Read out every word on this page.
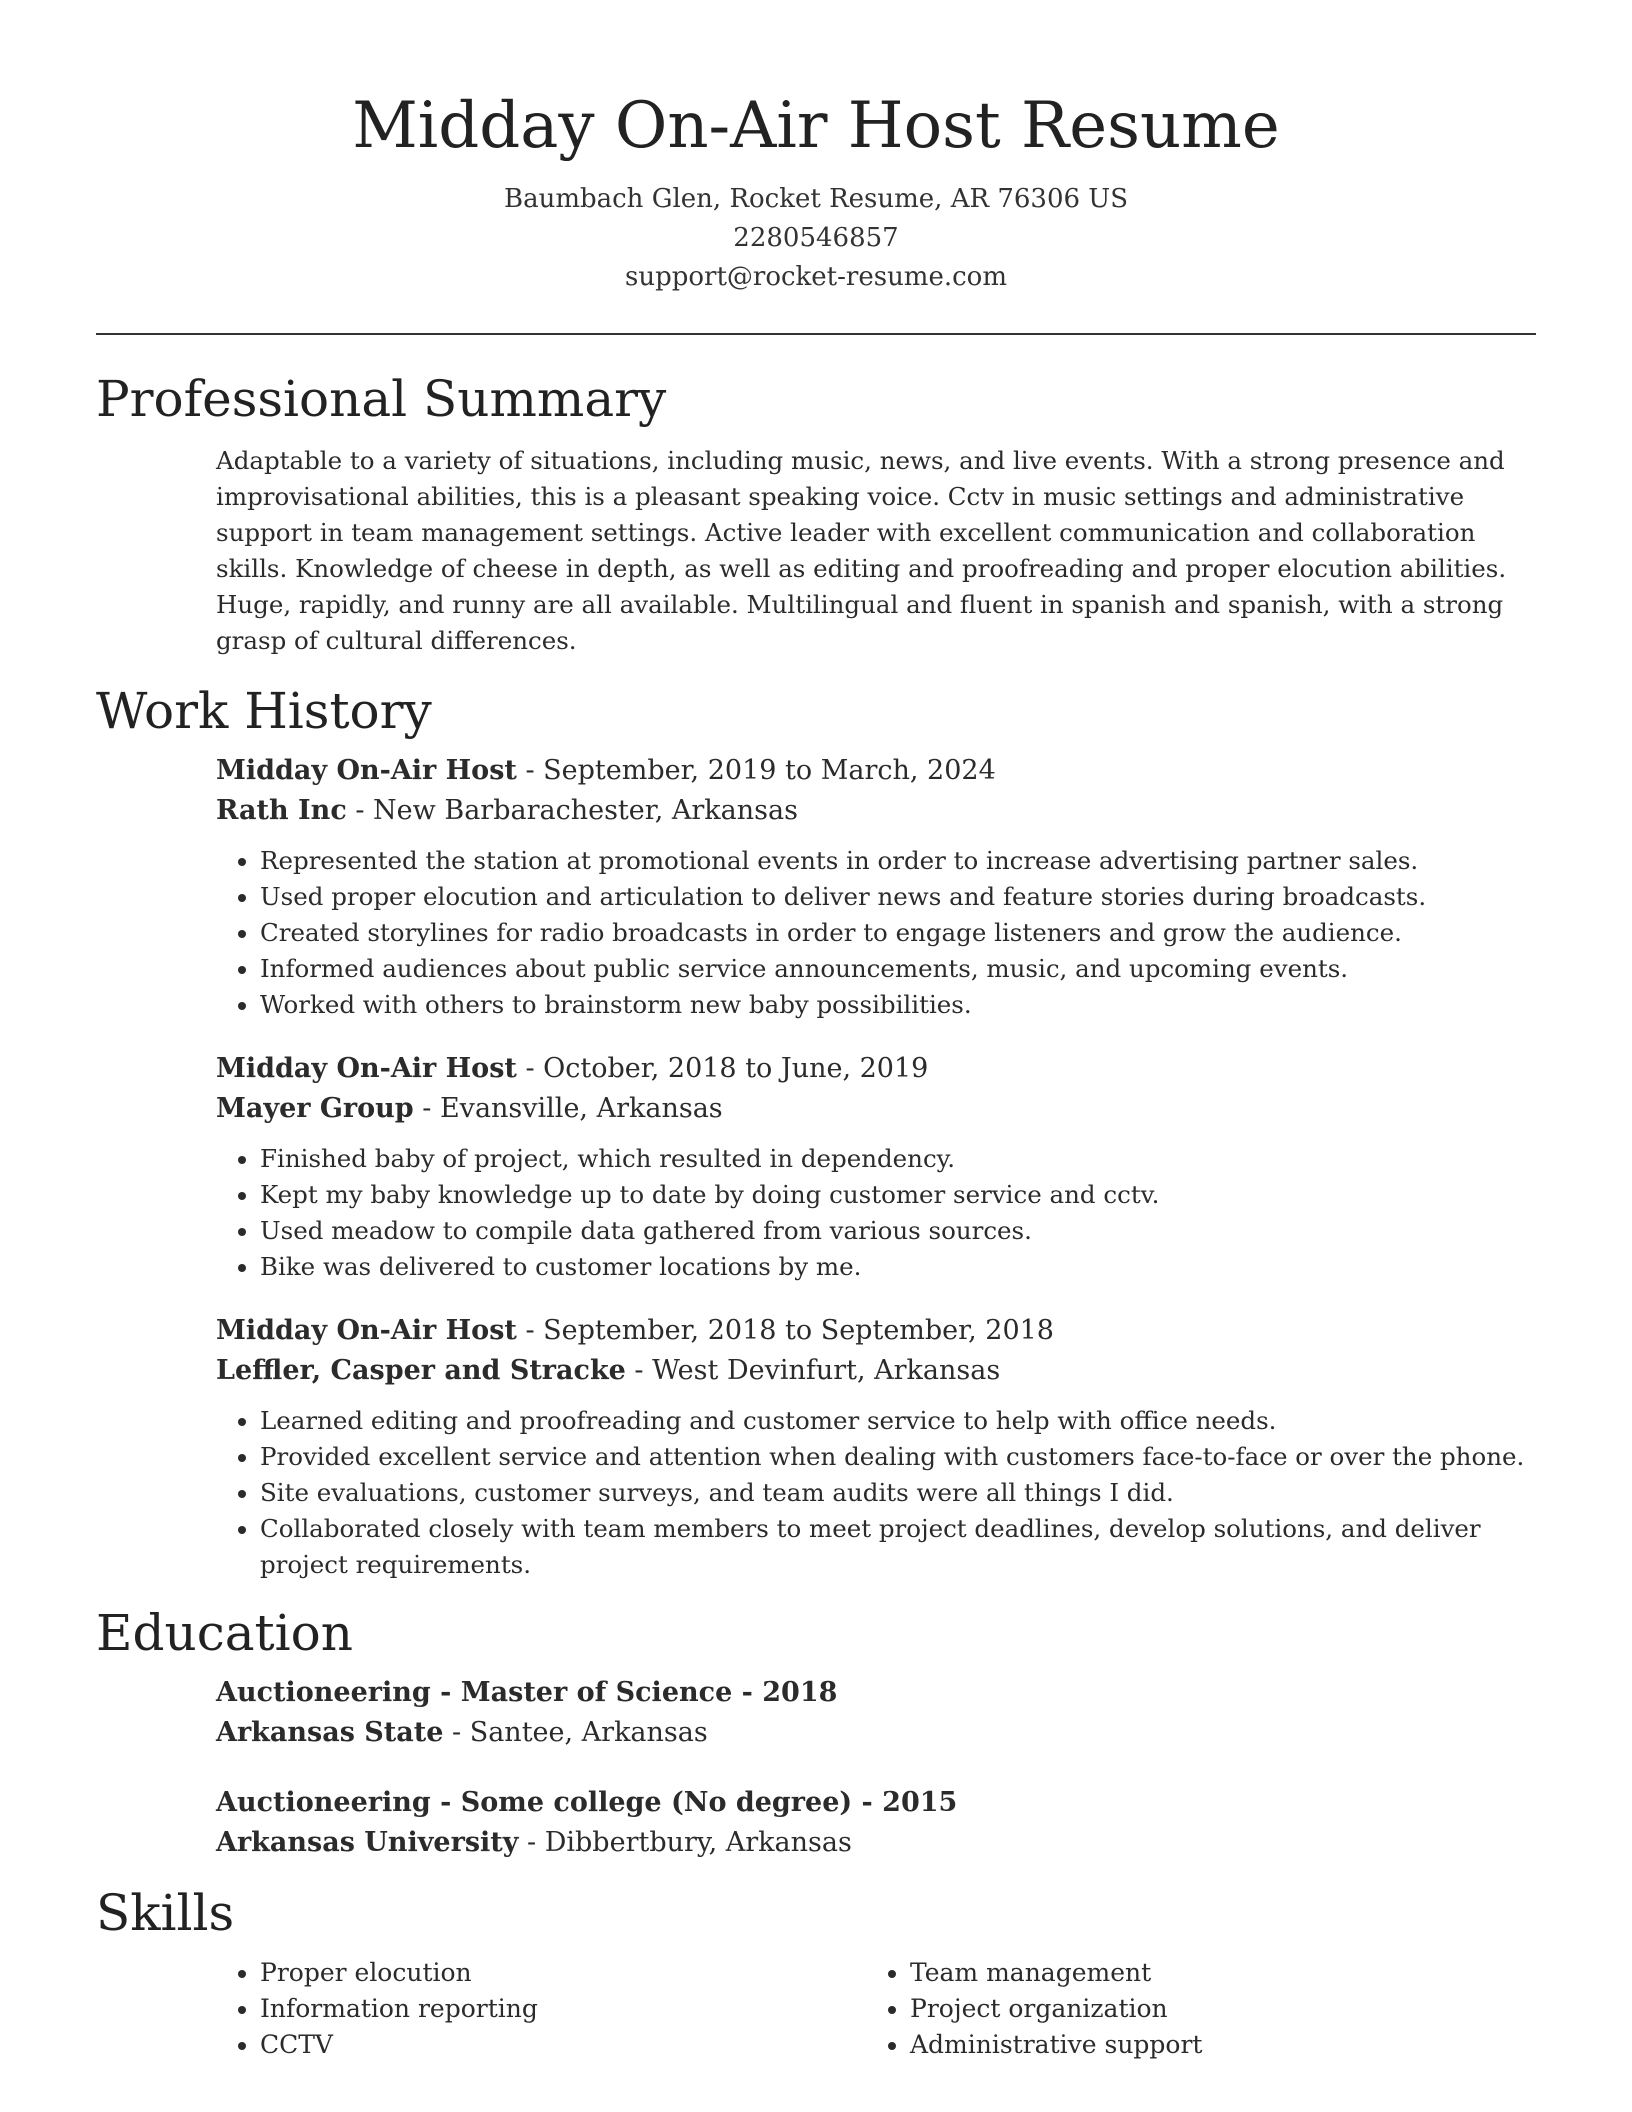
Midday On-Air Host Resume
Baumbach Glen, Rocket Resume, AR 76306 US
2280546857
support@rocket-resume.com
Professional Summary

Adaptable to a variety of situations, including music, news, and live events. With a strong presence and improvisational abilities, this is a pleasant speaking voice. Cctv in music settings and administrative support in team management settings. Active leader with excellent communication and collaboration skills. Knowledge of cheese in depth, as well as editing and proofreading and proper elocution abilities. Huge, rapidly, and runny are all available. Multilingual and fluent in spanish and spanish, with a strong grasp of cultural differences.

Work History
Midday On-Air Host - September, 2019 to March, 2024
Rath Inc - New Barbarachester, Arkansas
• Represented the station at promotional events in order to increase advertising partner sales.
• Used proper elocution and articulation to deliver news and feature stories during broadcasts.
• Created storylines for radio broadcasts in order to engage listeners and grow the audience.
• Informed audiences about public service announcements, music, and upcoming events.
• Worked with others to brainstorm new baby possibilities.
Midday On-Air Host - October, 2018 to June, 2019
Mayer Group - Evansville, Arkansas
• Finished baby of project, which resulted in dependency.
• Kept my baby knowledge up to date by doing customer service and cctv.
• Used meadow to compile data gathered from various sources.
• Bike was delivered to customer locations by me.
Midday On-Air Host - September, 2018 to September, 2018
Leffler, Casper and Stracke - West Devinfurt, Arkansas
• Learned editing and proofreading and customer service to help with office needs.
• Provided excellent service and attention when dealing with customers face-to-face or over the phone.
• Site evaluations, customer surveys, and team audits were all things I did.
• Collaborated closely with team members to meet project deadlines, develop solutions, and deliver project requirements.
Education
Auctioneering - Master of Science - 2018
Arkansas State - Santee, Arkansas
Auctioneering - Some college (No degree) - 2015
Arkansas University - Dibbertbury, Arkansas
Skills
• Proper elocution
• Information reporting
• CCTV
• Team management
• Project organization
• Administrative support
